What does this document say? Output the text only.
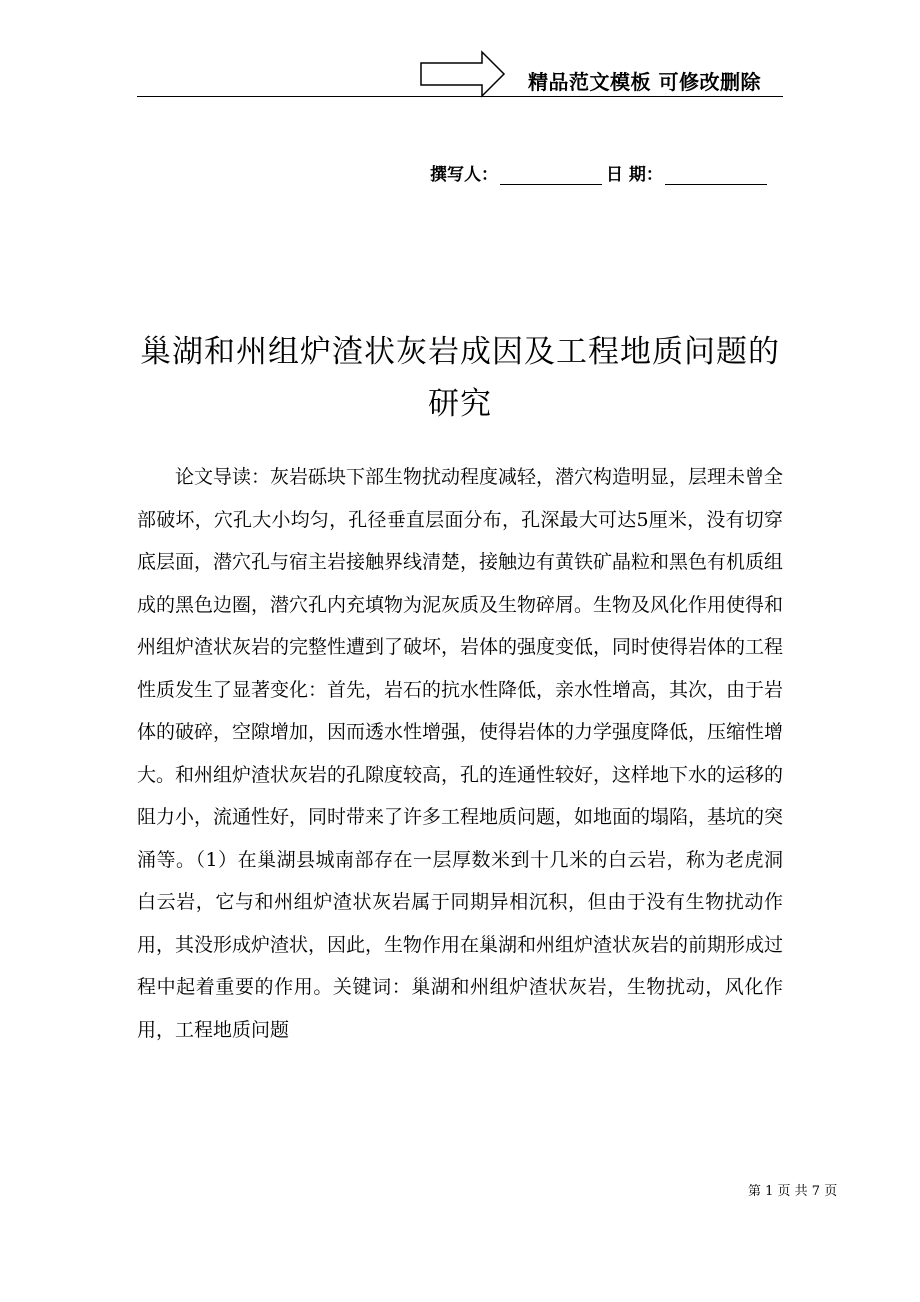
精品范文模板 可修改删除
撰写人：	日 期：
巢湖和州组炉渣状灰岩成因及工程地质问题的研究
论文导读：灰岩砾块下部生物扰动程度减轻，潜穴构造明显，层理未曾全部破坏，穴孔大小均匀，孔径垂直层面分布，孔深最大可达5厘米，没有切穿底层面，潜穴孔与宿主岩接触界线清楚，接触边有黄铁矿晶粒和黑色有机质组成的黑色边圈，潜穴孔内充填物为泥灰质及生物碎屑。生物及风化作用使得和州组炉渣状灰岩的完整性遭到了破坏，岩体的强度变低，同时使得岩体的工程性质发生了显著变化：首先，岩石的抗水性降低，亲水性增高，其次，由于岩体的破碎，空隙增加，因而透水性增强，使得岩体的力学强度降低，压缩性增大。和州组炉渣状灰岩的孔隙度较高，孔的连通性较好，这样地下水的运移的阻力小，流通性好，同时带来了许多工程地质问题，如地面的塌陷，基坑的突涌等。（1）在巢湖县城南部存在一层厚数米到十几米的白云岩，称为老虎洞白云岩，它与和州组炉渣状灰岩属于同期异相沉积，但由于没有生物扰动作用，其没形成炉渣状，因此，生物作用在巢湖和州组炉渣状灰岩的前期形成过程中起着重要的作用。关键词：巢湖和州组炉渣状灰岩，生物扰动，风化作用，工程地质问题
第 1 页 共 7 页
